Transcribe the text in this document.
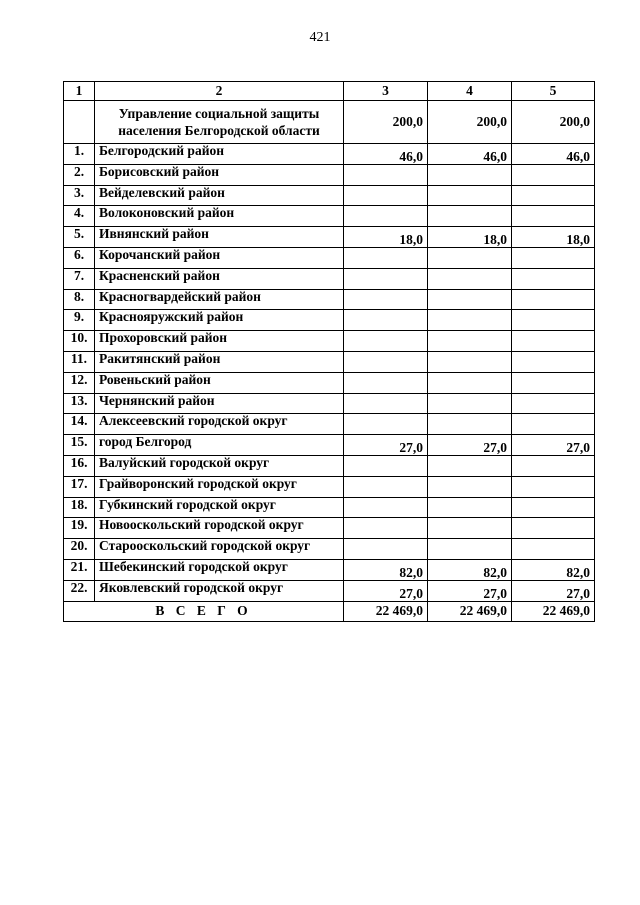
421
1	2	3	4	5
	Управление социальной защиты населения Белгородской области	200,0	200,0	200,0
1.	Белгородский район	46,0	46,0	46,0
2.	Борисовский район			
3.	Вейделевский район			
4.	Волоконовский район			
5.	Ивнянский район	18,0	18,0	18,0
6.	Корочанский район			
7.	Красненский район			
8.	Красногвардейский район			
9.	Краснояружский район			
10.	Прохоровский район			
11.	Ракитянский район			
12.	Ровеньский район			
13.	Чернянский район			
14.	Алексеевский городской округ			
15.	город Белгород	27,0	27,0	27,0
16.	Валуйский городской округ			
17.	Грайворонский городской округ			
18.	Губкинский городской округ			
19.	Новооскольский городской округ			
20.	Старооскольский городской округ			
21.	Шебекинский городской округ	82,0	82,0	82,0
22.	Яковлевский городской округ	27,0	27,0	27,0
В С Е Г О		22 469,0	22 469,0	22 469,0
